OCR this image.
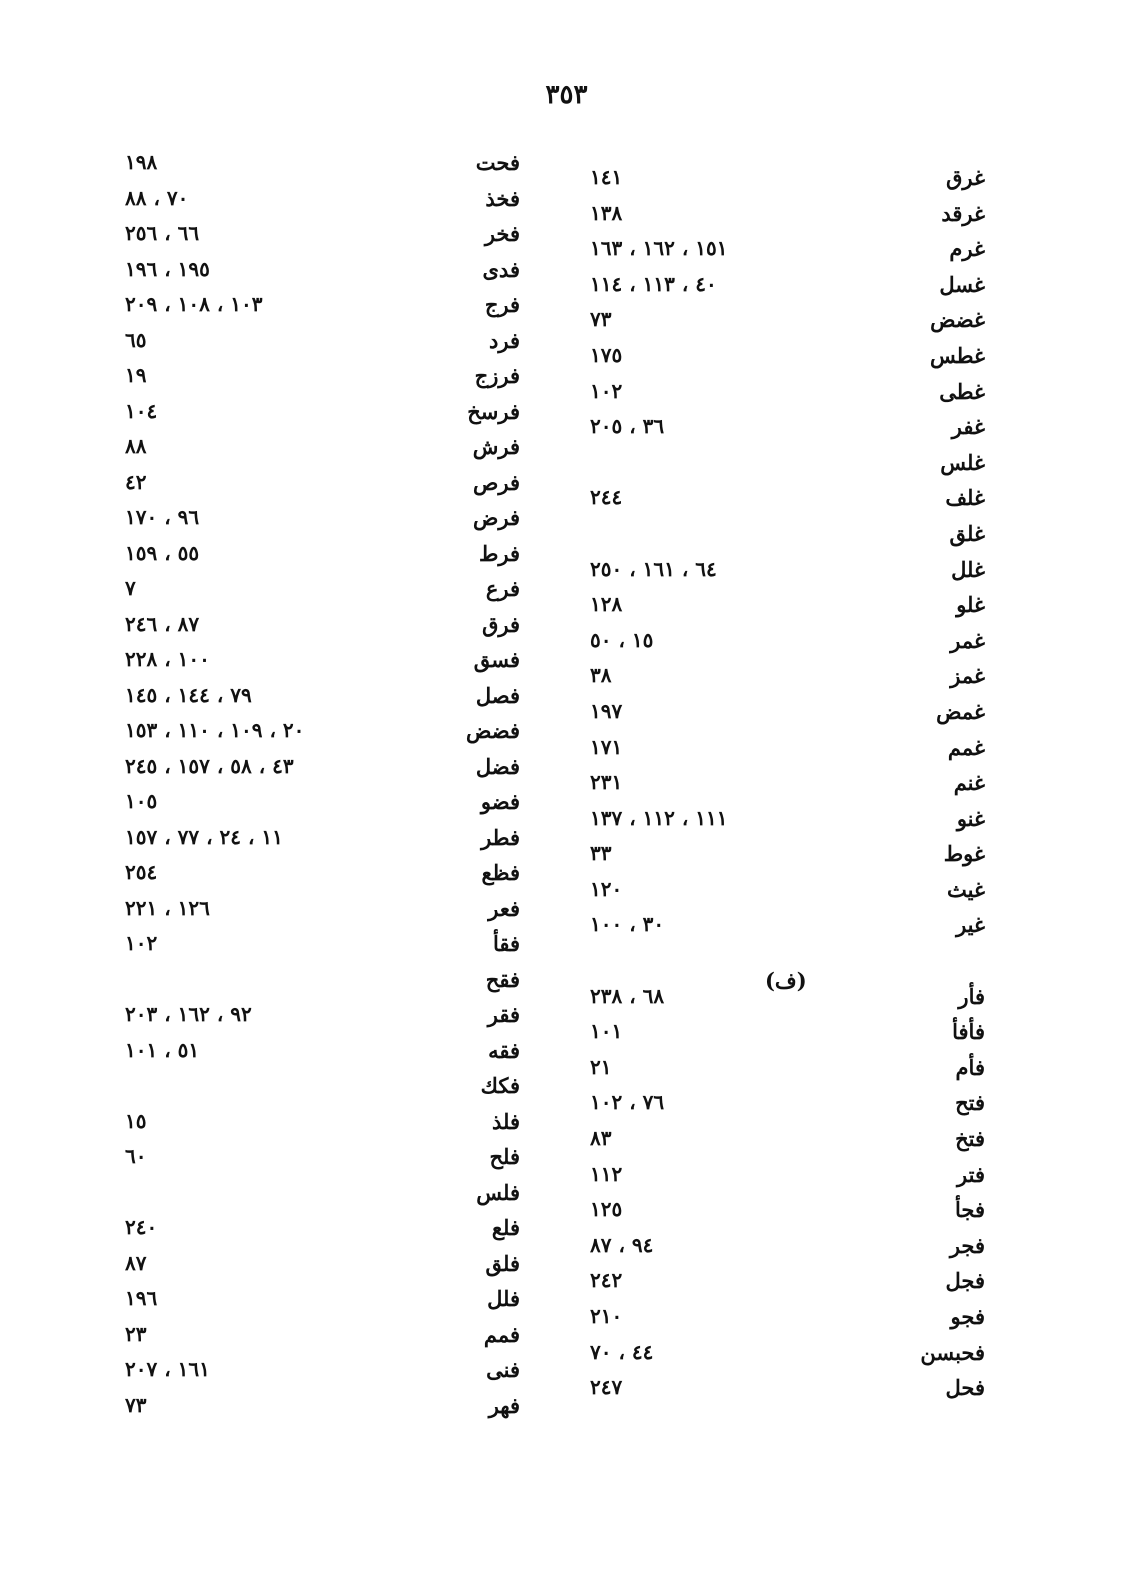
٣٥٣
غرق
١٤١
غرقد
١٣٨
غرم
١٥١ ، ١٦٢ ، ١٦٣
غسل
٤٠ ، ١١٣ ، ١١٤
غضض
٧٣
غطس
١٧٥
غطى
١٠٢
غفر
٣٦ ، ٢٠٥
غلس
غلف
٢٤٤
غلق
غلل
٦٤ ، ١٦١ ، ٢٥٠
غلو
١٢٨
غمر
١٥ ، ٥٠
غمز
٣٨
غمض
١٩٧
غمم
١٧١
غنم
٢٣١
غنو
١١١ ، ١١٢ ، ١٣٧
غوط
٣٣
غيث
١٢٠
غير
٣٠ ، ١٠٠
فأر
٦٨ ، ٢٣٨
فأفأ
١٠١
فأم
٢١
فتح
٧٦ ، ١٠٢
فتخ
٨٣
فتر
١١٢
فجأ
١٢٥
فجر
٩٤ ، ٨٧
فجل
٢٤٢
فجو
٢١٠
فحبسن
٤٤ ، ٧٠
فحل
٢٤٧
(ف)
فحت
١٩٨
فخذ
٧٠ ، ٨٨
فخر
٦٦ ، ٢٥٦
فدى
١٩٥ ، ١٩٦
فرج
١٠٣ ، ١٠٨ ، ٢٠٩
فرد
٦٥
فرزج
١٩
فرسخ
١٠٤
فرش
٨٨
فرص
٤٢
فرض
٩٦ ، ١٧٠
فرط
٥٥ ، ١٥٩
فرع
٧
فرق
٨٧ ، ٢٤٦
فسق
١٠٠ ، ٢٢٨
فصل
٧٩ ، ١٤٤ ، ١٤٥
فضض
٢٠ ، ١٠٩ ، ١١٠ ، ١٥٣
فضل
٤٣ ، ٥٨ ، ١٥٧ ، ٢٤٥
فضو
١٠٥
فطر
١١ ، ٢٤ ، ٧٧ ، ١٥٧
فظع
٢٥٤
فعر
١٢٦ ، ٢٢١
فقأ
١٠٢
فقح
فقر
٩٢ ، ١٦٢ ، ٢٠٣
فقه
٥١ ، ١٠١
فكك
فلذ
١٥
فلح
٦٠
فلس
فلع
٢٤٠
فلق
٨٧
فلل
١٩٦
فمم
٢٣
فنى
١٦١ ، ٢٠٧
فهر
٧٣
